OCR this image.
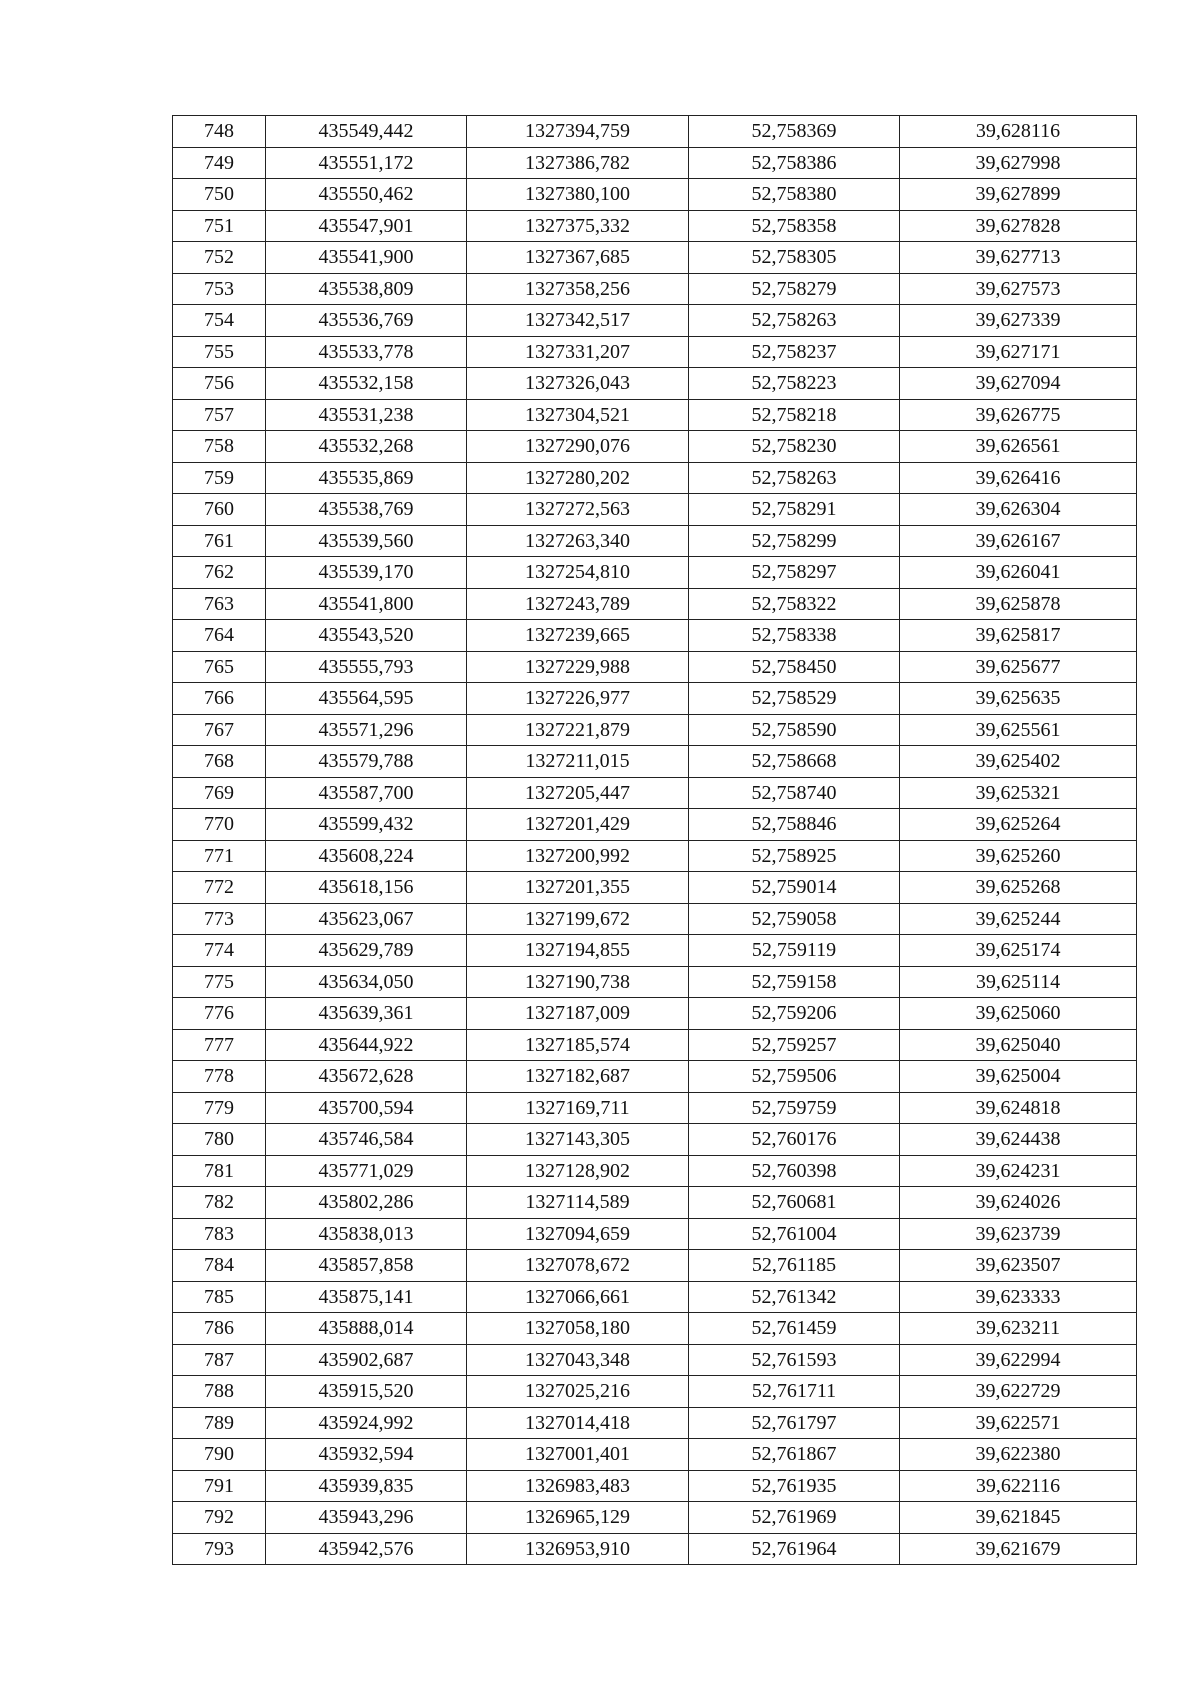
748	435549,442	1327394,759	52,758369	39,628116
749	435551,172	1327386,782	52,758386	39,627998
750	435550,462	1327380,100	52,758380	39,627899
751	435547,901	1327375,332	52,758358	39,627828
752	435541,900	1327367,685	52,758305	39,627713
753	435538,809	1327358,256	52,758279	39,627573
754	435536,769	1327342,517	52,758263	39,627339
755	435533,778	1327331,207	52,758237	39,627171
756	435532,158	1327326,043	52,758223	39,627094
757	435531,238	1327304,521	52,758218	39,626775
758	435532,268	1327290,076	52,758230	39,626561
759	435535,869	1327280,202	52,758263	39,626416
760	435538,769	1327272,563	52,758291	39,626304
761	435539,560	1327263,340	52,758299	39,626167
762	435539,170	1327254,810	52,758297	39,626041
763	435541,800	1327243,789	52,758322	39,625878
764	435543,520	1327239,665	52,758338	39,625817
765	435555,793	1327229,988	52,758450	39,625677
766	435564,595	1327226,977	52,758529	39,625635
767	435571,296	1327221,879	52,758590	39,625561
768	435579,788	1327211,015	52,758668	39,625402
769	435587,700	1327205,447	52,758740	39,625321
770	435599,432	1327201,429	52,758846	39,625264
771	435608,224	1327200,992	52,758925	39,625260
772	435618,156	1327201,355	52,759014	39,625268
773	435623,067	1327199,672	52,759058	39,625244
774	435629,789	1327194,855	52,759119	39,625174
775	435634,050	1327190,738	52,759158	39,625114
776	435639,361	1327187,009	52,759206	39,625060
777	435644,922	1327185,574	52,759257	39,625040
778	435672,628	1327182,687	52,759506	39,625004
779	435700,594	1327169,711	52,759759	39,624818
780	435746,584	1327143,305	52,760176	39,624438
781	435771,029	1327128,902	52,760398	39,624231
782	435802,286	1327114,589	52,760681	39,624026
783	435838,013	1327094,659	52,761004	39,623739
784	435857,858	1327078,672	52,761185	39,623507
785	435875,141	1327066,661	52,761342	39,623333
786	435888,014	1327058,180	52,761459	39,623211
787	435902,687	1327043,348	52,761593	39,622994
788	435915,520	1327025,216	52,761711	39,622729
789	435924,992	1327014,418	52,761797	39,622571
790	435932,594	1327001,401	52,761867	39,622380
791	435939,835	1326983,483	52,761935	39,622116
792	435943,296	1326965,129	52,761969	39,621845
793	435942,576	1326953,910	52,761964	39,621679
